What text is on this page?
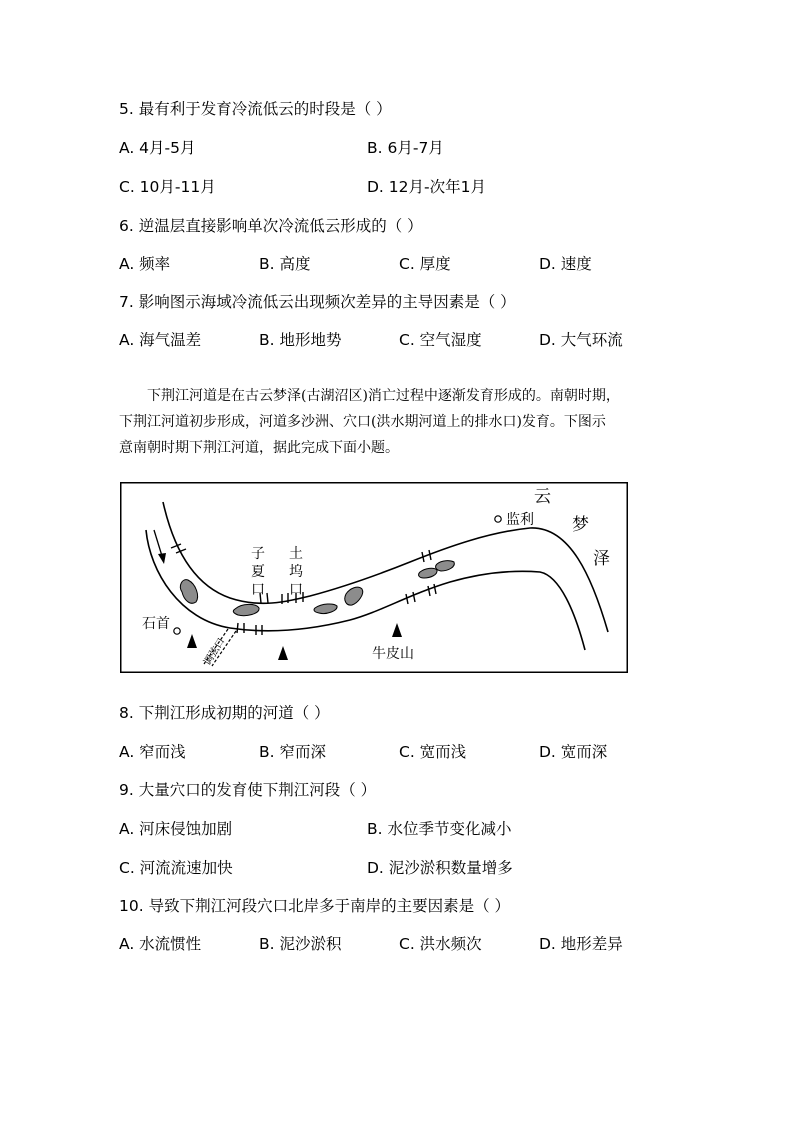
5. 最有利于发育冷流低云的时段是（ ）
A. 4月-5月	B. 6月-7月
C. 10月-11月	D. 12月-次年1月
6. 逆温层直接影响单次冷流低云形成的（ ）
A. 频率	B. 高度	C. 厚度	D. 速度
7. 影响图示海域冷流低云出现频次差异的主导因素是（ ）
A. 海气温差	B. 地形地势	C. 空气湿度	D. 大气环流

下荆江河道是在古云梦泽(古湖沼区)消亡过程中逐渐发育形成的。南朝时期，

下荆江河道初步形成，河道多沙洲、穴口(洪水期河道上的排水口)发育。下图示

意南朝时期下荆江河道，据此完成下面小题。

云
梦
泽
监利
子
夏
口
土
坞
口
石首
牛皮山
调弦口
8. 下荆江形成初期的河道（ ）
A. 窄而浅	B. 窄而深	C. 宽而浅	D. 宽而深
9. 大量穴口的发育使下荆江河段（ ）
A. 河床侵蚀加剧	B. 水位季节变化减小
C. 河流流速加快	D. 泥沙淤积数量增多
10. 导致下荆江河段穴口北岸多于南岸的主要因素是（ ）
A. 水流惯性	B. 泥沙淤积	C. 洪水频次	D. 地形差异
